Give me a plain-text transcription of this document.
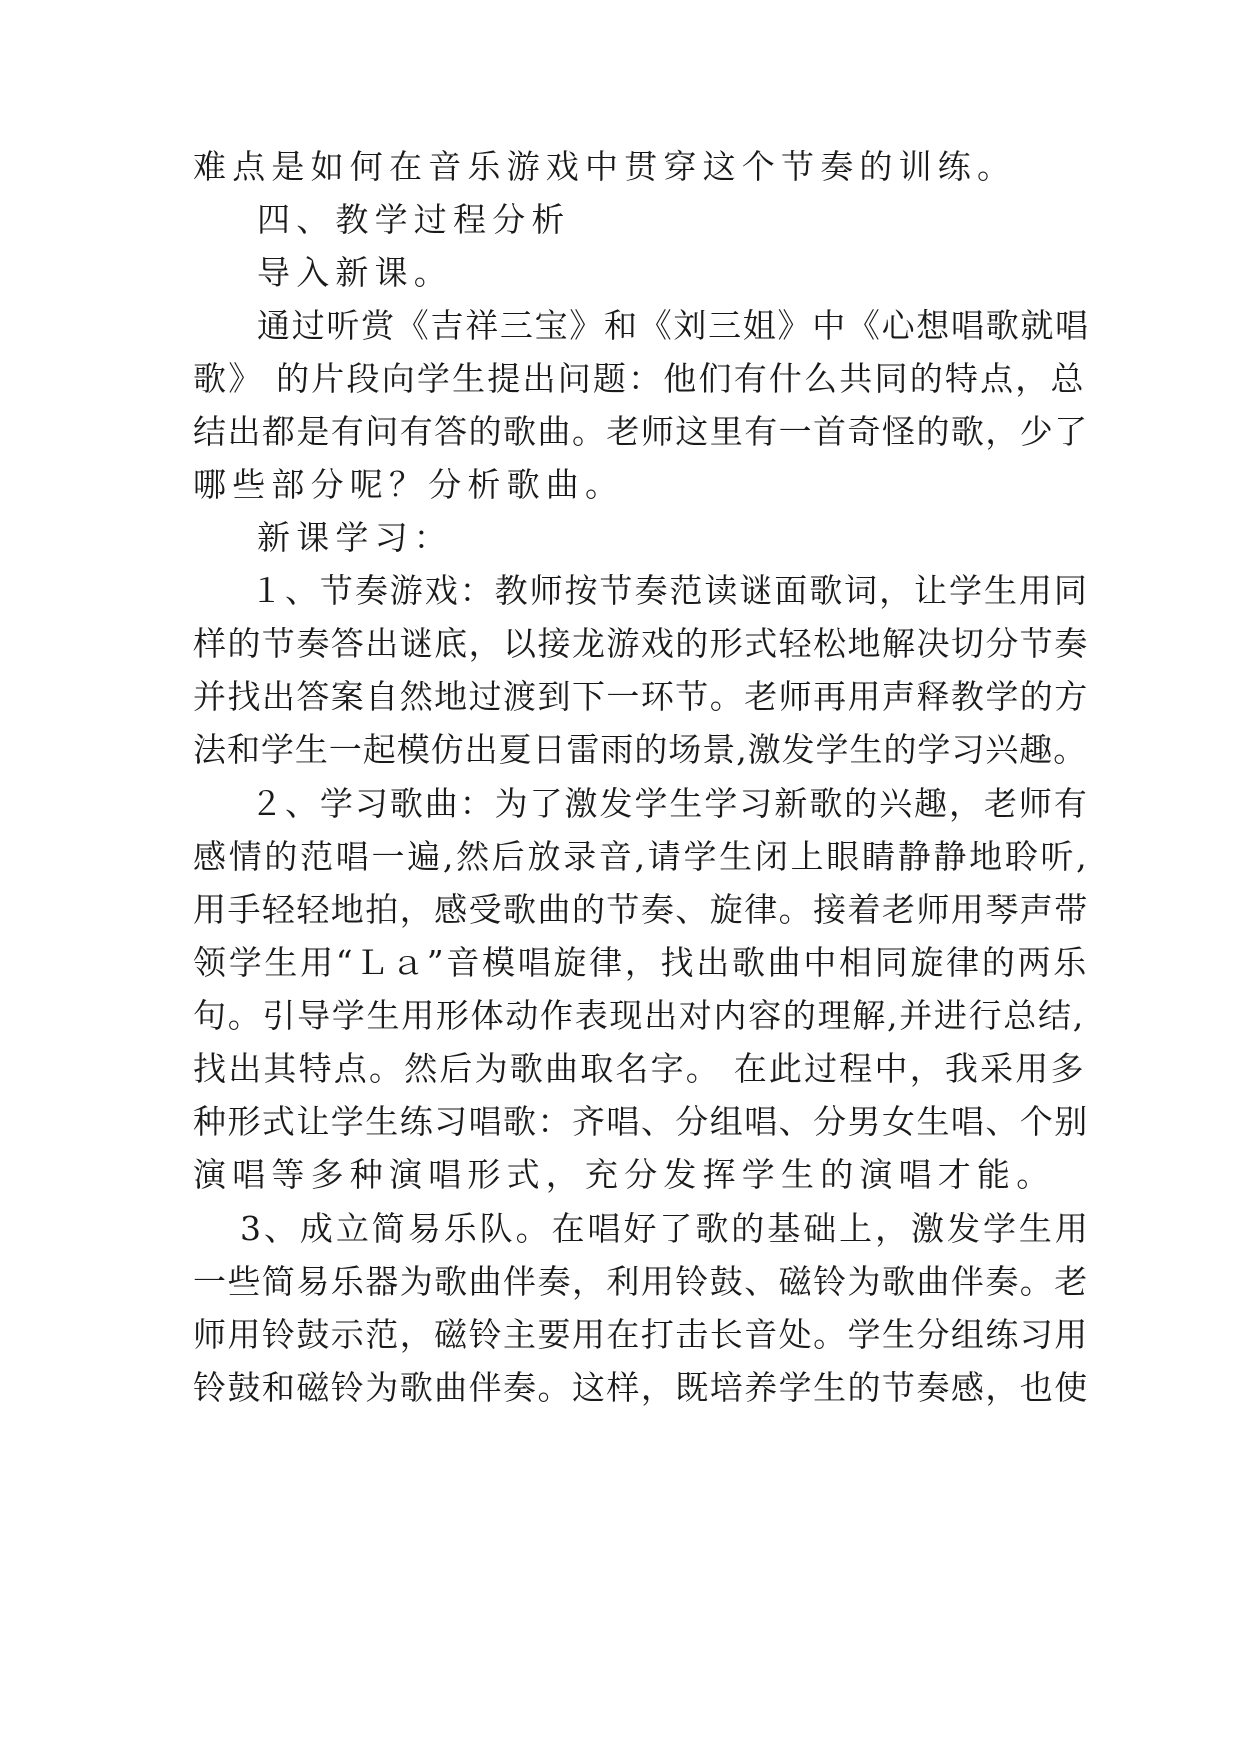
难点是如何在音乐游戏中贯穿这个节奏的训练。
四、教学过程分析
导入新课。
通过听赏《吉祥三宝》和《刘三姐》中《心想唱歌就唱
歌》 的片段向学生提出问题：他们有什么共同的特点，总
结出都是有问有答的歌曲。老师这里有一首奇怪的歌，少了
哪些部分呢？分析歌曲。
新课学习：
１、节奏游戏：教师按节奏范读谜面歌词，让学生用同
样的节奏答出谜底，以接龙游戏的形式轻松地解决切分节奏
并找出答案自然地过渡到下一环节。老师再用声释教学的方
法和学生一起模仿出夏日雷雨的场景,激发学生的学习兴趣。
２、学习歌曲：为了激发学生学习新歌的兴趣，老师有
感情的范唱一遍,然后放录音,请学生闭上眼睛静静地聆听,
用手轻轻地拍，感受歌曲的节奏、旋律。接着老师用琴声带
领学生用“Ｌａ”音模唱旋律，找出歌曲中相同旋律的两乐
句。引导学生用形体动作表现出对内容的理解,并进行总结,
找出其特点。然后为歌曲取名字。 在此过程中，我采用多
种形式让学生练习唱歌：齐唱、分组唱、分男女生唱、个别
演唱等多种演唱形式，充分发挥学生的演唱才能。
3、成立简易乐队。在唱好了歌的基础上，激发学生用
一些简易乐器为歌曲伴奏，利用铃鼓、磁铃为歌曲伴奏。老
师用铃鼓示范，磁铃主要用在打击长音处。学生分组练习用
铃鼓和磁铃为歌曲伴奏。这样，既培养学生的节奏感，也使
